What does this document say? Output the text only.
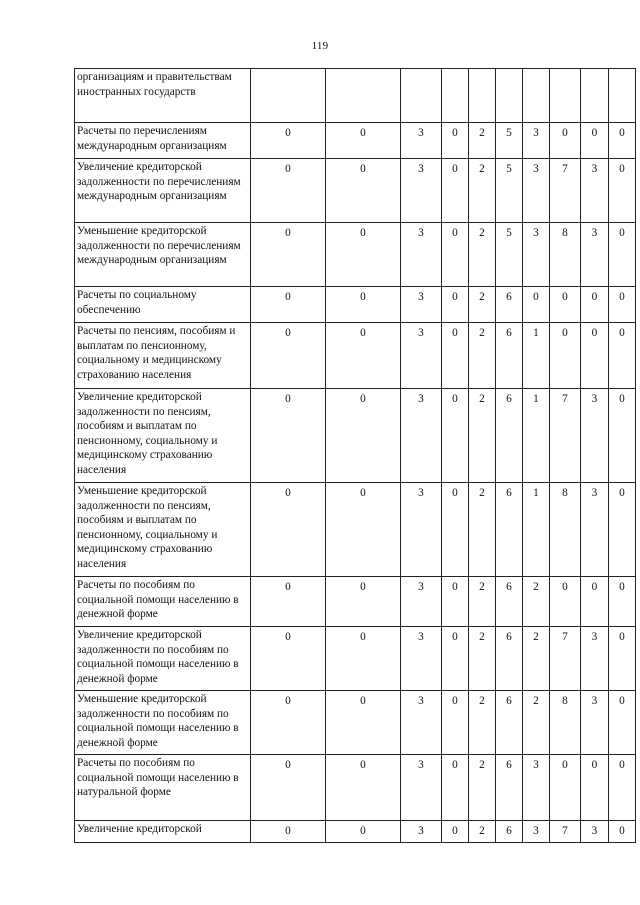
119
организациям и правительствам иностранных государств										
Расчеты по перечислениям международным организациям	0	0	3	0	2	5	3	0	0	0
Увеличение кредиторской задолженности по перечислениям международным организациям	0	0	3	0	2	5	3	7	3	0
Уменьшение кредиторской задолженности по перечислениям международным организациям	0	0	3	0	2	5	3	8	3	0
Расчеты по социальному обеспечению	0	0	3	0	2	6	0	0	0	0
Расчеты по пенсиям, пособиям и выплатам по пенсионному, социальному и медицинскому страхованию населения	0	0	3	0	2	6	1	0	0	0
Увеличение кредиторской задолженности по пенсиям, пособиям и выплатам по пенсионному, социальному и медицинскому страхованию населения	0	0	3	0	2	6	1	7	3	0
Уменьшение кредиторской задолженности по пенсиям, пособиям и выплатам по пенсионному, социальному и медицинскому страхованию населения	0	0	3	0	2	6	1	8	3	0
Расчеты по пособиям по социальной помощи населению в денежной форме	0	0	3	0	2	6	2	0	0	0
Увеличение кредиторской задолженности по пособиям по социальной помощи населению в денежной форме	0	0	3	0	2	6	2	7	3	0
Уменьшение кредиторской задолженности по пособиям по социальной помощи населению в денежной форме	0	0	3	0	2	6	2	8	3	0
Расчеты по пособиям по социальной помощи населению в натуральной форме	0	0	3	0	2	6	3	0	0	0
Увеличение кредиторской	0	0	3	0	2	6	3	7	3	0
